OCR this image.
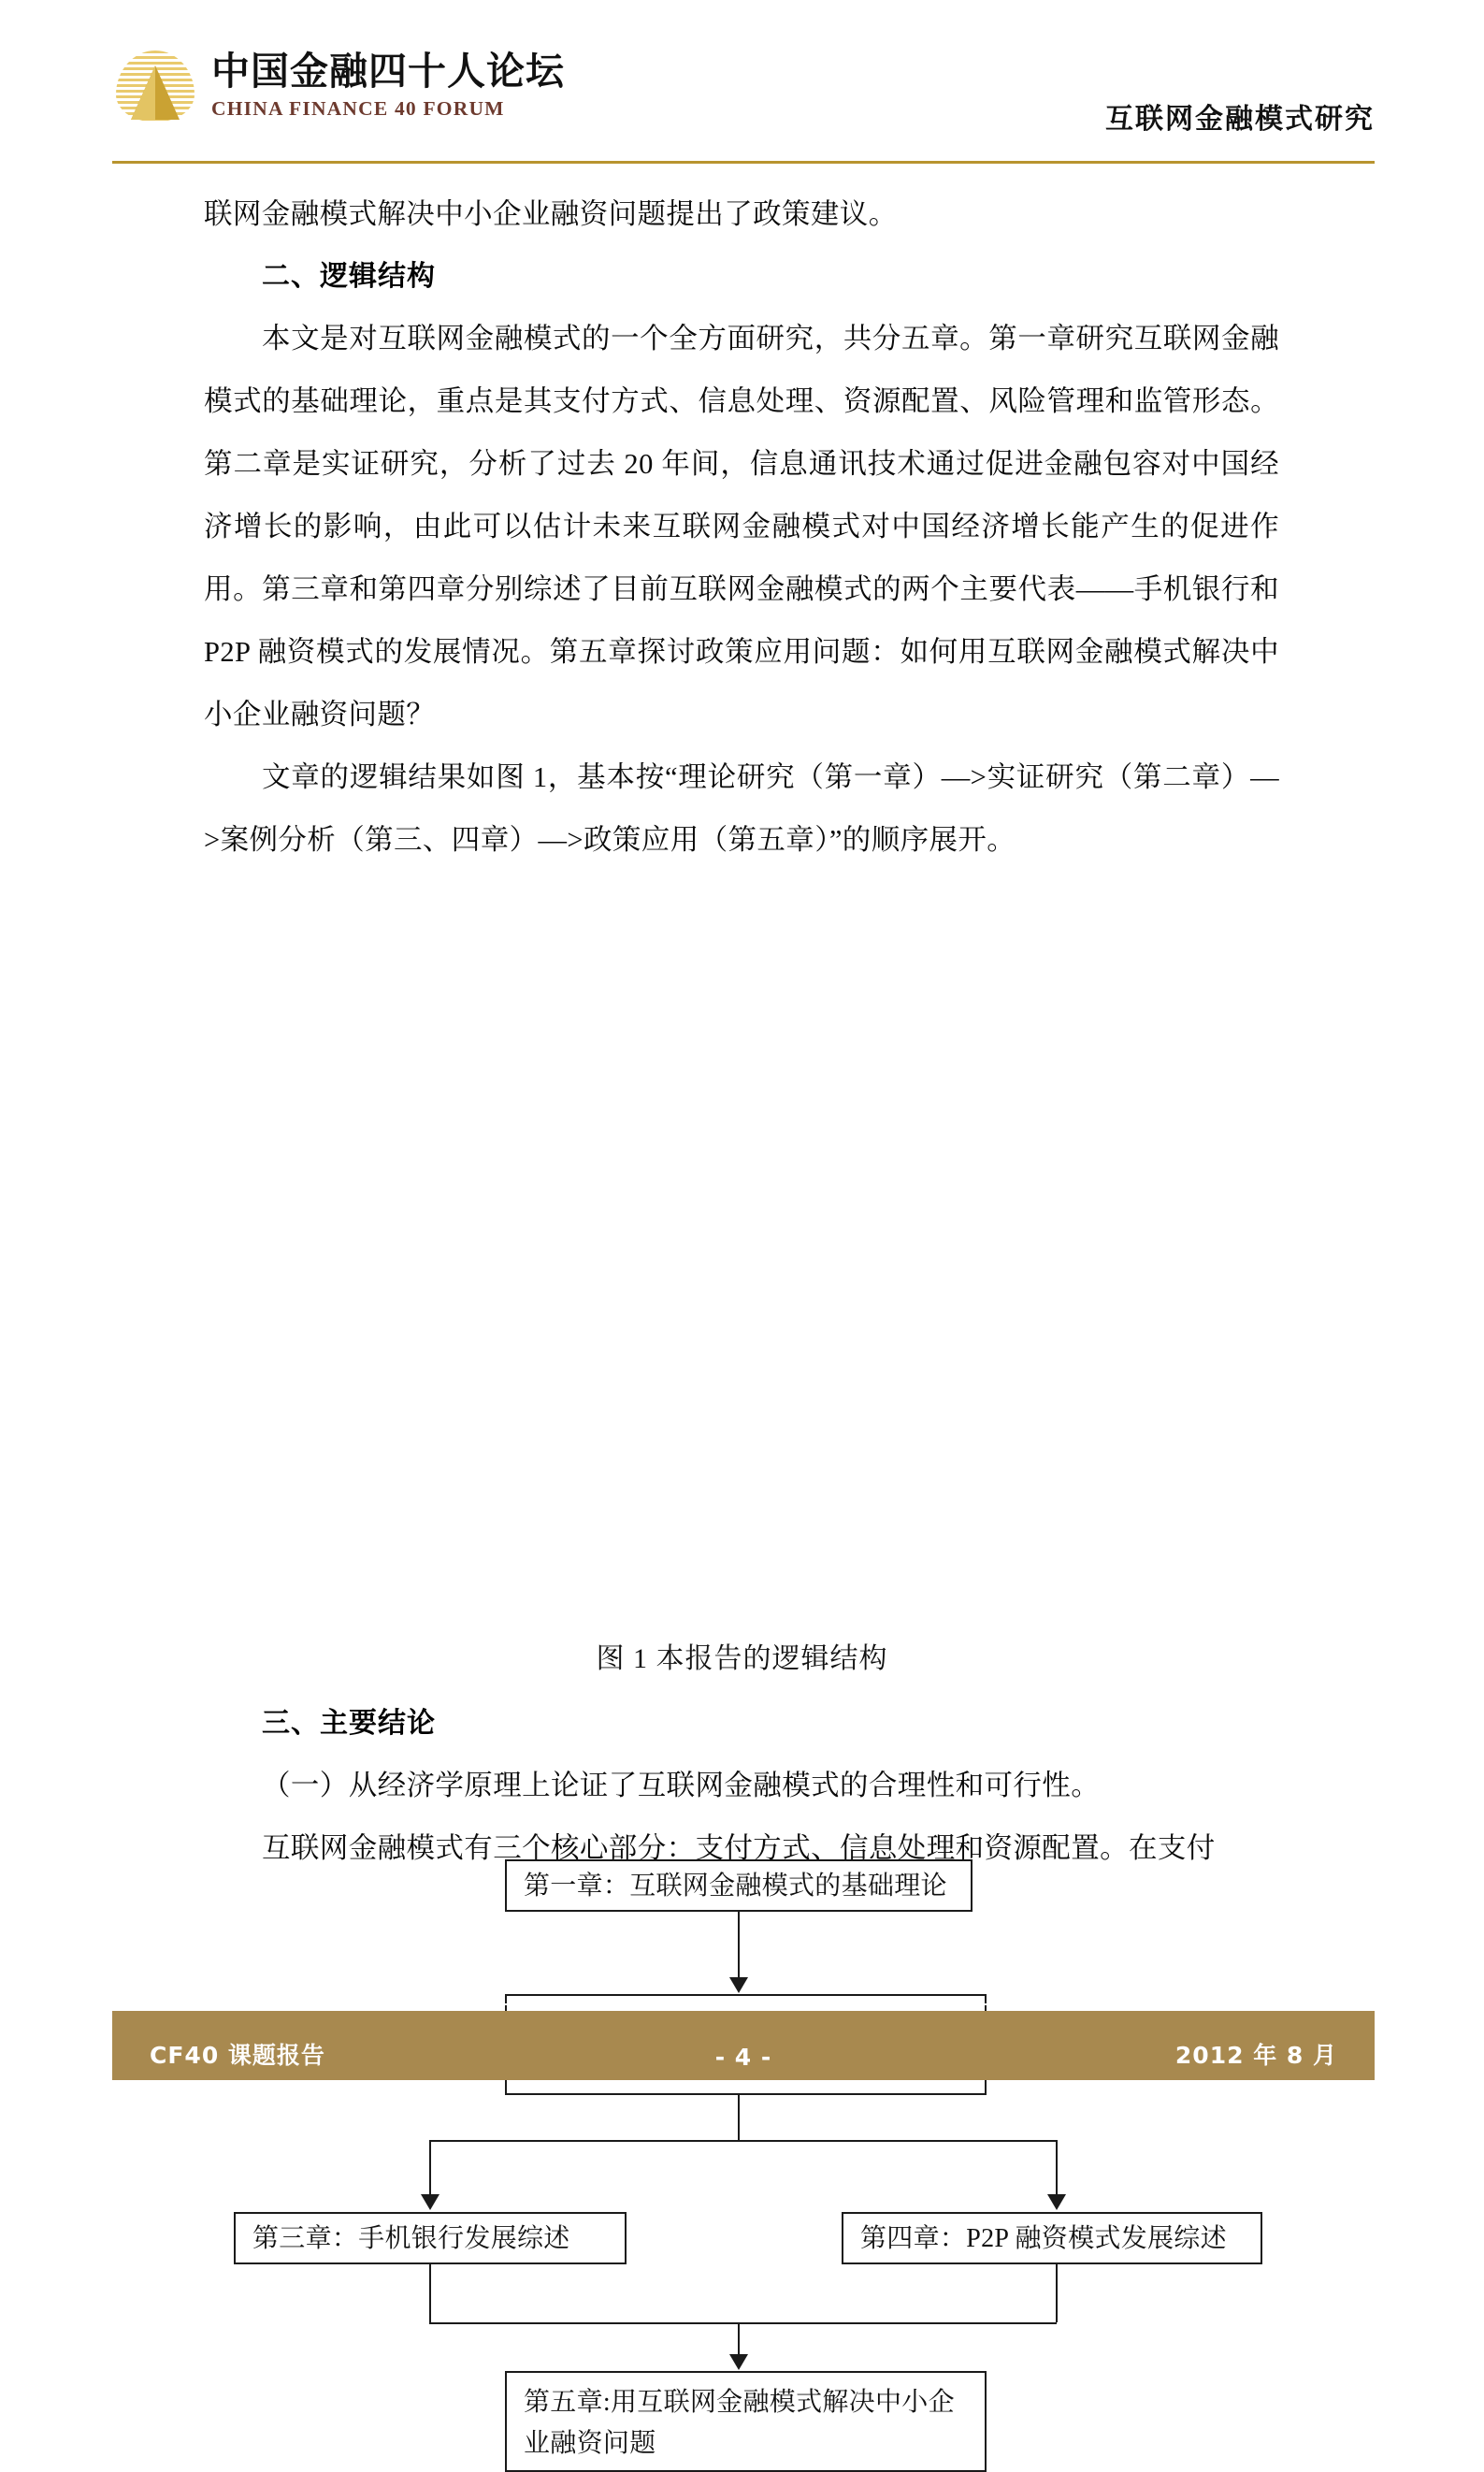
中国金融四十人论坛
CHINA FINANCE 40 FORUM	互联网金融模式研究

联网金融模式解决中小企业融资问题提出了政策建议。

二、逻辑结构

本文是对互联网金融模式的一个全方面研究，共分五章。第一章研究互联网金融模式的基础理论，重点是其支付方式、信息处理、资源配置、风险管理和监管形态。第二章是实证研究，分析了过去 20 年间，信息通讯技术通过促进金融包容对中国经济增长的影响，由此可以估计未来互联网金融模式对中国经济增长能产生的促进作用。第三章和第四章分别综述了目前互联网金融模式的两个主要代表——手机银行和 P2P 融资模式的发展情况。第五章探讨政策应用问题：如何用互联网金融模式解决中小企业融资问题？

文章的逻辑结果如图 1，基本按“理论研究（第一章）—>实证研究（第二章）—>案例分析（第三、四章）—>政策应用（第五章）”的顺序展开。

第一章：互联网金融模式的基础理论
第三章：手机银行发展综述	第四章：P2P 融资模式发展综述
第五章:用互联网金融模式解决中小企
业融资问题
图 1 本报告的逻辑结构

三、主要结论

（一）从经济学原理上论证了互联网金融模式的合理性和可行性。

互联网金融模式有三个核心部分：支付方式、信息处理和资源配置。在支付

CF40 课题报告	- 4 -	2012 年 8 月
